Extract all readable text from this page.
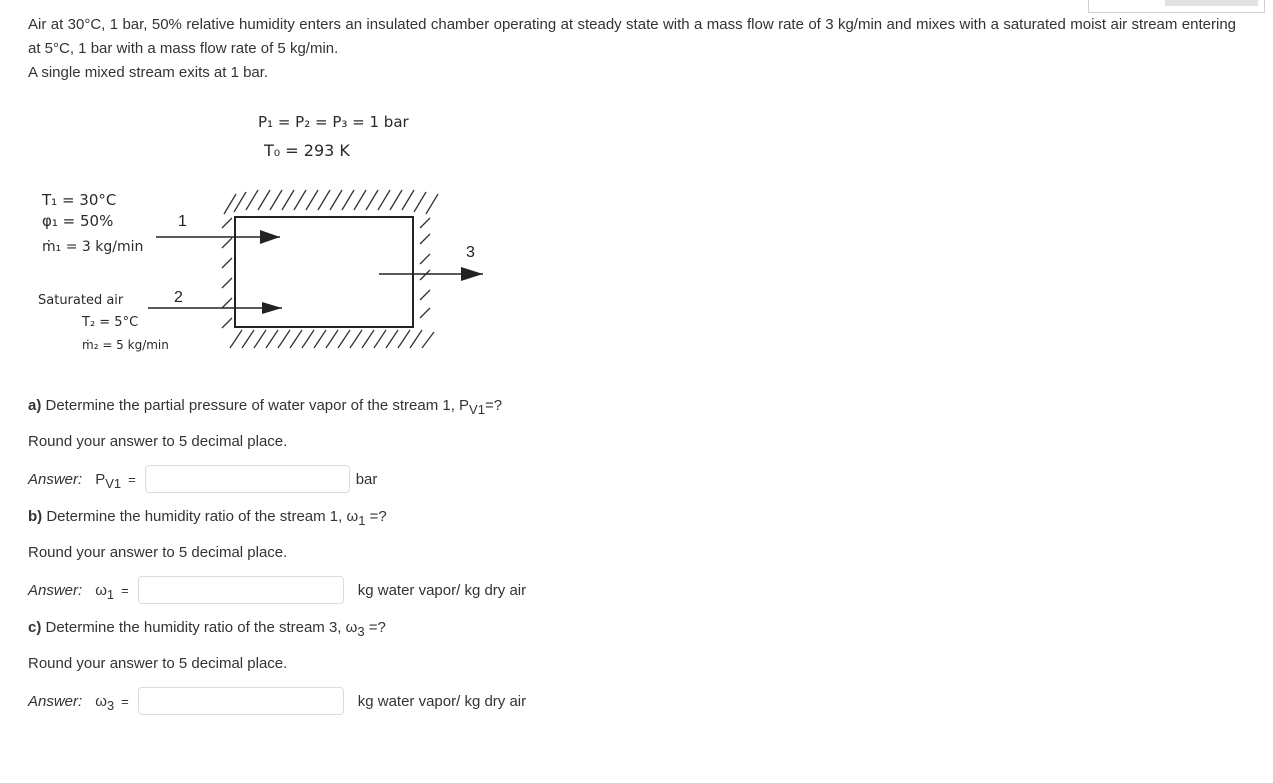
Air at 30°C, 1 bar, 50% relative humidity enters an insulated chamber operating at steady state with a mass flow rate of 3 kg/min and mixes with a saturated moist air stream entering at 5°C, 1 bar with a mass flow rate of 5 kg/min.

A single mixed stream exits at 1 bar.

P₁ = P₂ = P₃ = 1 bar
T₀ = 293 K
T₁ = 30°C
φ₁ = 50%
ṁ₁ = 3 kg/min
1
Saturated air
T₂ = 5°C
ṁ₂ = 5 kg/min
2
3

a) Determine the partial pressure of water vapor of the stream 1, PV1=?

Round your answer to 5 decimal place.

Answer: PV1 =	bar

b) Determine the humidity ratio of the stream 1, ω1 =?

Round your answer to 5 decimal place.

Answer: ω1 =	kg water vapor/ kg dry air

c) Determine the humidity ratio of the stream 3, ω3 =?

Round your answer to 5 decimal place.

Answer: ω3 =	kg water vapor/ kg dry air
